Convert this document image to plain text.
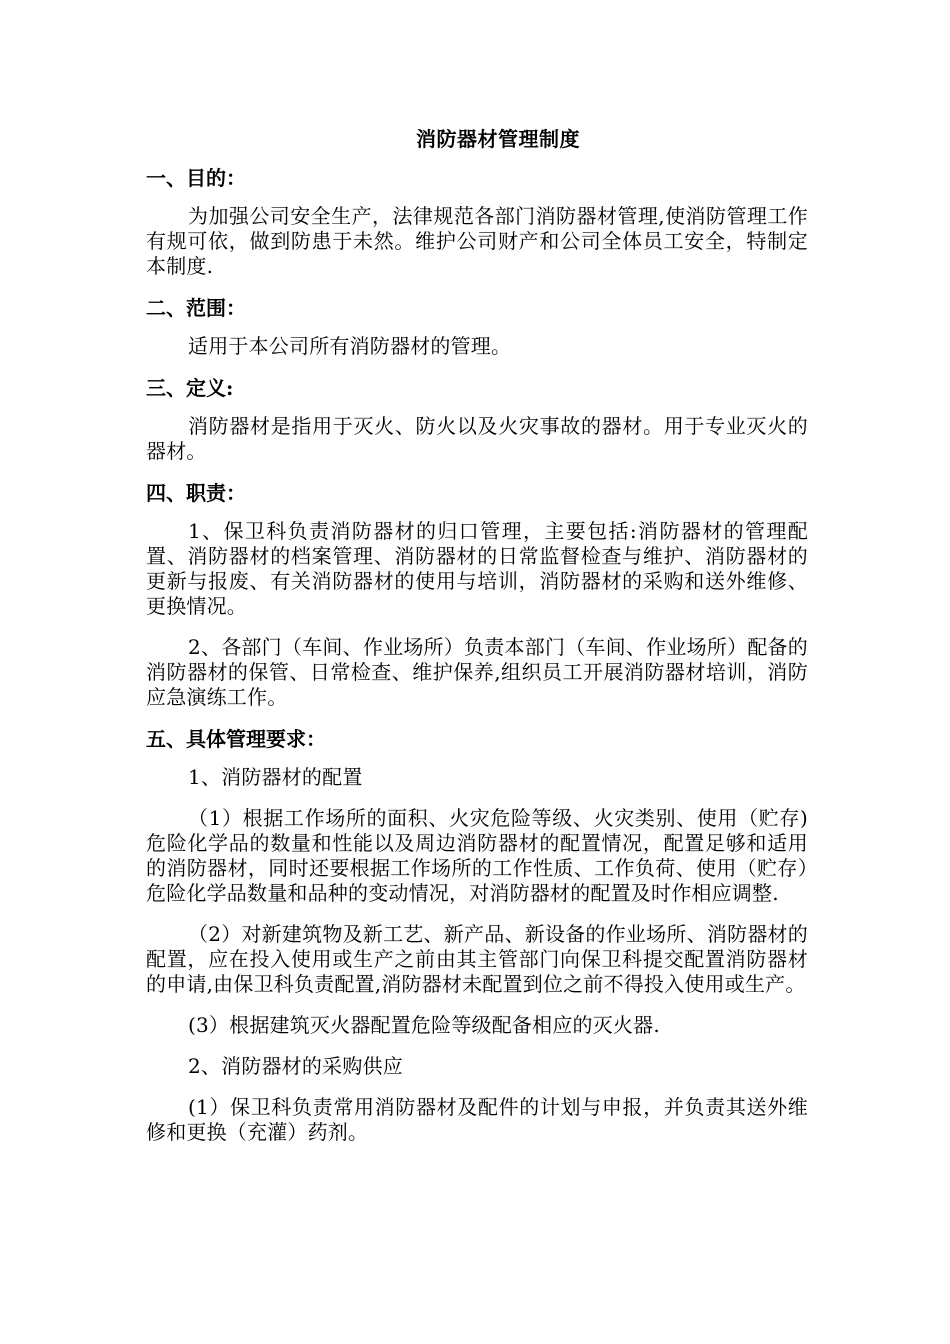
消防器材管理制度
一、目的：
为加强公司安全生产，法律规范各部门消防器材管理,使消防管理工作有规可依，做到防患于未然。维护公司财产和公司全体员工安全，特制定本制度.
二、范围：
适用于本公司所有消防器材的管理。
三、定义:
消防器材是指用于灭火、防火以及火灾事故的器材。用于专业灭火的器材。
四、职责：
1、保卫科负责消防器材的归口管理，主要包括:消防器材的管理配置、消防器材的档案管理、消防器材的日常监督检查与维护、消防器材的更新与报废、有关消防器材的使用与培训，消防器材的采购和送外维修、更换情况。
2、各部门（车间、作业场所）负责本部门（车间、作业场所）配备的消防器材的保管、日常检查、维护保养,组织员工开展消防器材培训，消防应急演练工作。
五、具体管理要求：
1、消防器材的配置
（1）根据工作场所的面积、火灾危险等级、火灾类别、使用（贮存)危险化学品的数量和性能以及周边消防器材的配置情况，配置足够和适用的消防器材，同时还要根据工作场所的工作性质、工作负荷、使用（贮存）危险化学品数量和品种的变动情况，对消防器材的配置及时作相应调整.
（2）对新建筑物及新工艺、新产品、新设备的作业场所、消防器材的配置，应在投入使用或生产之前由其主管部门向保卫科提交配置消防器材的申请,由保卫科负责配置,消防器材未配置到位之前不得投入使用或生产。
(3）根据建筑灭火器配置危险等级配备相应的灭火器.
2、消防器材的采购供应
(1）保卫科负责常用消防器材及配件的计划与申报，并负责其送外维修和更换（充灌）药剂。
